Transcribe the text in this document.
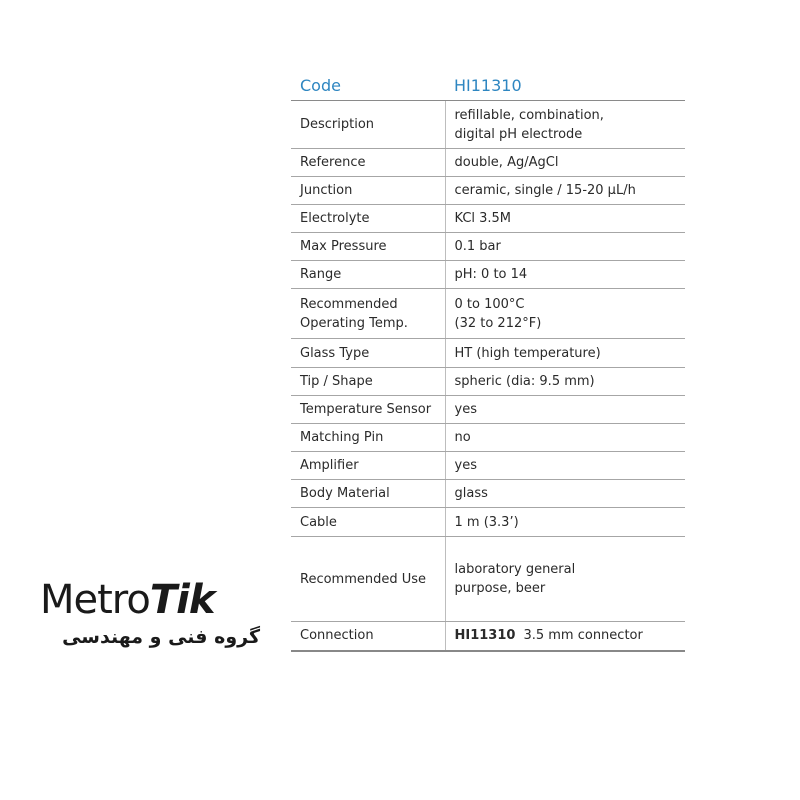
Code	HI11310

Description	refillable, combination,
digital pH electrode

Reference	double, Ag/AgCl

Junction	ceramic, single / 15-20 µL/h

Electrolyte	KCl 3.5M

Max Pressure	0.1 bar

Range	pH: 0 to 14

Recommended
Operating Temp.	0 to 100°C
(32 to 212°F)

Glass Type	HT (high temperature)

Tip / Shape	spheric (dia: 9.5 mm)

Temperature Sensor	yes

Matching Pin	no

Amplifier	yes

Body Material	glass

Cable	1 m (3.3’)

Recommended Use	laboratory general
purpose, beer

Connection	HI11310 3.5 mm connector
MetroTik
گروه فنی و مهندسی
